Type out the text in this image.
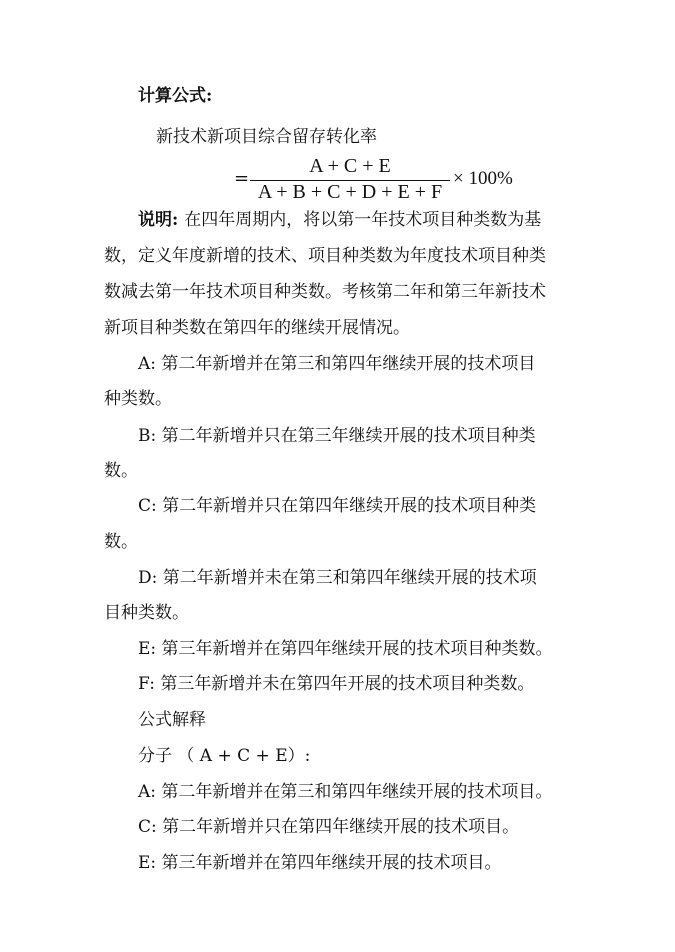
计算公式:
新技术新项目综合留存转化率
=
A + C + E
A + B + C + D + E + F
× 100%
说明: 在四年周期内，将以第一年技术项目种类数为基
数，定义年度新增的技术、项目种类数为年度技术项目种类
数减去第一年技术项目种类数。考核第二年和第三年新技术
新项目种类数在第四年的继续开展情况。
A: 第二年新增并在第三和第四年继续开展的技术项目
种类数。
B: 第二年新增并只在第三年继续开展的技术项目种类
数。
C: 第二年新增并只在第四年继续开展的技术项目种类
数。
D: 第二年新增并未在第三和第四年继续开展的技术项
目种类数。
E: 第三年新增并在第四年继续开展的技术项目种类数。
F: 第三年新增并未在第四年开展的技术项目种类数。
公式解释
分子 （ A + C + E）:
A: 第二年新增并在第三和第四年继续开展的技术项目。
C: 第二年新增并只在第四年继续开展的技术项目。
E: 第三年新增并在第四年继续开展的技术项目。
